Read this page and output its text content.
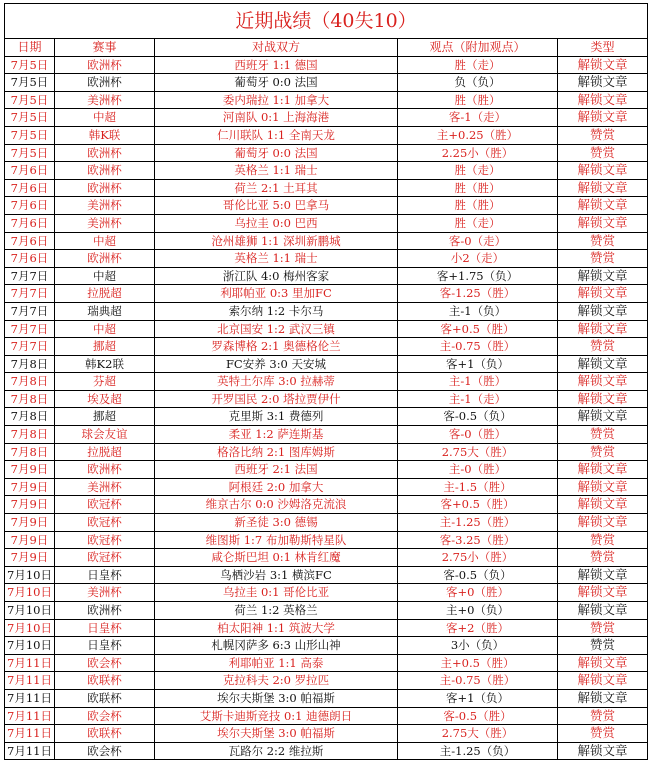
近期战绩（40失10）				
日期	赛事	对战双方	观点（附加观点）	类型
7月5日	欧洲杯	西班牙 1:1 德国	胜（走）	解锁文章
7月5日	欧洲杯	葡萄牙 0:0 法国	负（负）	解锁文章
7月5日	美洲杯	委内瑞拉 1:1 加拿大	胜（胜）	解锁文章
7月5日	中超	河南队 0:1 上海海港	客-1（走）	解锁文章
7月5日	韩K联	仁川联队 1:1 全南天龙	主+0.25（胜）	赞赏
7月5日	欧洲杯	葡萄牙 0:0 法国	2.25小（胜）	赞赏
7月6日	欧洲杯	英格兰 1:1 瑞士	胜（走）	解锁文章
7月6日	欧洲杯	荷兰 2:1 土耳其	胜（胜）	解锁文章
7月6日	美洲杯	哥伦比亚 5:0 巴拿马	胜（胜）	解锁文章
7月6日	美洲杯	乌拉圭 0:0 巴西	胜（走）	解锁文章
7月6日	中超	沧州雄狮 1:1 深圳新鹏城	客-0（走）	赞赏
7月6日	欧洲杯	英格兰 1:1 瑞士	小2（走）	赞赏
7月7日	中超	浙江队 4:0 梅州客家	客+1.75（负）	解锁文章
7月7日	拉脱超	利耶帕亚 0:3 里加FC	客-1.25（胜）	解锁文章
7月7日	瑞典超	索尔纳 1:2 卡尔马	主-1（负）	解锁文章
7月7日	中超	北京国安 1:2 武汉三镇	客+0.5（胜）	解锁文章
7月7日	挪超	罗森博格 2:1 奥德格伦兰	主-0.75（胜）	赞赏
7月8日	韩K2联	FC安养 3:0 天安城	客+1（负）	解锁文章
7月8日	芬超	英特土尔库 3:0 拉赫蒂	主-1（胜）	解锁文章
7月8日	埃及超	开罗国民 2:0 塔拉贾伊什	主-1（走）	解锁文章
7月8日	挪超	克里斯 3:1 费德列	客-0.5（负）	解锁文章
7月8日	球会友谊	柔亚 1:2 萨连斯基	客-0（胜）	赞赏
7月8日	拉脱超	格洛比纳 2:1 图库姆斯	2.75大（胜）	赞赏
7月9日	欧洲杯	西班牙 2:1 法国	主-0（胜）	解锁文章
7月9日	美洲杯	阿根廷 2:0 加拿大	主-1.5（胜）	解锁文章
7月9日	欧冠杯	维京古尔 0:0 沙姆洛克流浪	客+0.5（胜）	解锁文章
7月9日	欧冠杯	新圣徒 3:0 德锡	主-1.25（胜）	解锁文章
7月9日	欧冠杯	维图斯 1:7 布加勒斯特星队	客-3.25（胜）	赞赏
7月9日	欧冠杯	咸仑斯巴坦 0:1 林肯红魔	2.75小（胜）	赞赏
7月10日	日皇杯	鸟栖沙岩 3:1 横滨FC	客-0.5（负）	解锁文章
7月10日	美洲杯	乌拉圭 0:1 哥伦比亚	客+0（胜）	解锁文章
7月10日	欧洲杯	荷兰 1:2 英格兰	主+0（负）	解锁文章
7月10日	日皇杯	柏太阳神 1:1 筑波大学	客+2（胜）	赞赏
7月10日	日皇杯	札幌冈萨多 6:3 山形山神	3小（负）	赞赏
7月11日	欧会杯	利耶帕亚 1:1 高泰	主+0.5（胜）	解锁文章
7月11日	欧联杯	克拉科夫 2:0 罗拉匹	主-0.75（胜）	解锁文章
7月11日	欧联杯	埃尔夫斯堡 3:0 帕福斯	客+1（负）	解锁文章
7月11日	欧会杯	艾斯卡迪斯竞技 0:1 迪德朗日	客-0.5（胜）	赞赏
7月11日	欧联杯	埃尔夫斯堡 3:0 帕福斯	2.75大（胜）	赞赏
7月11日	欧会杯	瓦路尔 2:2 维拉斯	主-1.25（负）	解锁文章
